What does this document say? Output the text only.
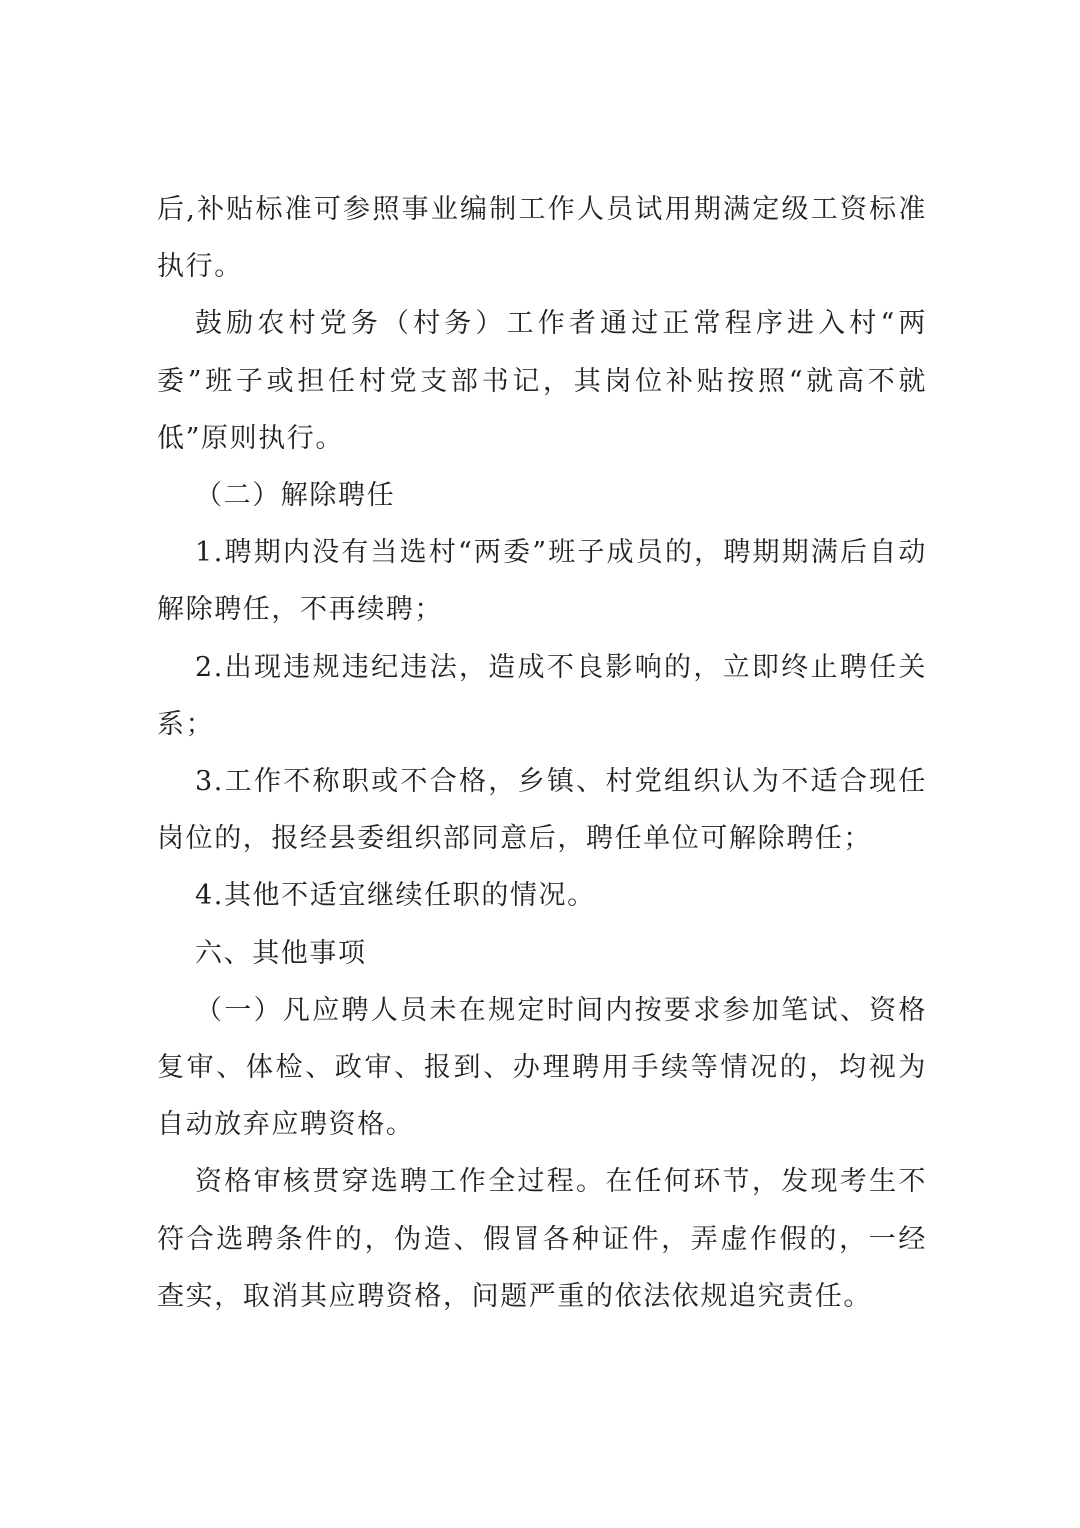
后,补贴标准可参照事业编制工作人员试用期满定级工资标准执行。

鼓励农村党务（村务）工作者通过正常程序进入村“两委”班子或担任村党支部书记，其岗位补贴按照“就高不就低”原则执行。

（二）解除聘任

1.聘期内没有当选村“两委”班子成员的，聘期期满后自动解除聘任，不再续聘；

2.出现违规违纪违法，造成不良影响的，立即终止聘任关系；

3.工作不称职或不合格，乡镇、村党组织认为不适合现任岗位的，报经县委组织部同意后，聘任单位可解除聘任；

4.其他不适宜继续任职的情况。

六、其他事项

（一）凡应聘人员未在规定时间内按要求参加笔试、资格复审、体检、政审、报到、办理聘用手续等情况的，均视为自动放弃应聘资格。

资格审核贯穿选聘工作全过程。在任何环节，发现考生不符合选聘条件的，伪造、假冒各种证件，弄虚作假的，一经查实，取消其应聘资格，问题严重的依法依规追究责任。
